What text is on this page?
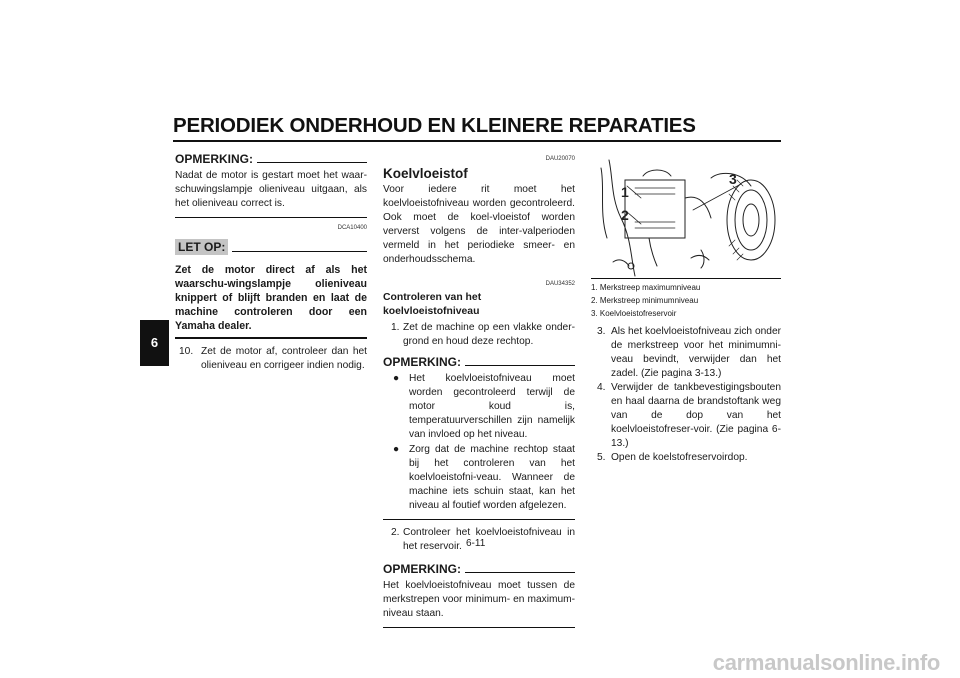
PERIODIEK ONDERHOUD EN KLEINERE REPARATIES
6
OPMERKING:

Nadat de motor is gestart moet het waar-schuwingslampje olieniveau uitgaan, als het olieniveau correct is.

DCA10400
LET OP:

Zet de motor direct af als het waarschu-wingslampje olieniveau knippert of blijft branden en laat de machine controleren door een Yamaha dealer.

10. Zet de motor af, controleer dan het olieniveau en corrigeer indien nodig.
DAU20070
Koelvloeistof

Voor iedere rit moet het koelvloeistofniveau worden gecontroleerd. Ook moet de koel-vloeistof worden ververst volgens de inter-valperioden vermeld in het periodieke smeer- en onderhoudsschema.

DAU34352
Controleren van het koelvloeistofniveau
1. Zet de machine op een vlakke onder-grond en houd deze rechtop.
OPMERKING:
● Het koelvloeistofniveau moet worden gecontroleerd terwijl de motor koud is, temperatuurverschillen zijn namelijk van invloed op het niveau.
● Zorg dat de machine rechtop staat bij het controleren van het koelvloeistofni-veau. Wanneer de machine iets schuin staat, kan het niveau al foutief worden afgelezen.
2. Controleer het koelvloeistofniveau in het reservoir.
OPMERKING:

Het koelvloeistofniveau moet tussen de merkstrepen voor minimum- en maximum-niveau staan.

1
2
3
1. Merkstreep maximumniveau
2. Merkstreep minimumniveau
3. Koelvloeistofreservoir
3. Als het koelvloeistofniveau zich onder de merkstreep voor het minimumni-veau bevindt, verwijder dan het zadel. (Zie pagina 3-13.)
4. Verwijder de tankbevestigingsbouten en haal daarna de brandstoftank weg van de dop van het koelvloeistofreser-voir. (Zie pagina 6-13.)
5. Open de koelstofreservoirdop.
6-11
carmanualsonline.info
